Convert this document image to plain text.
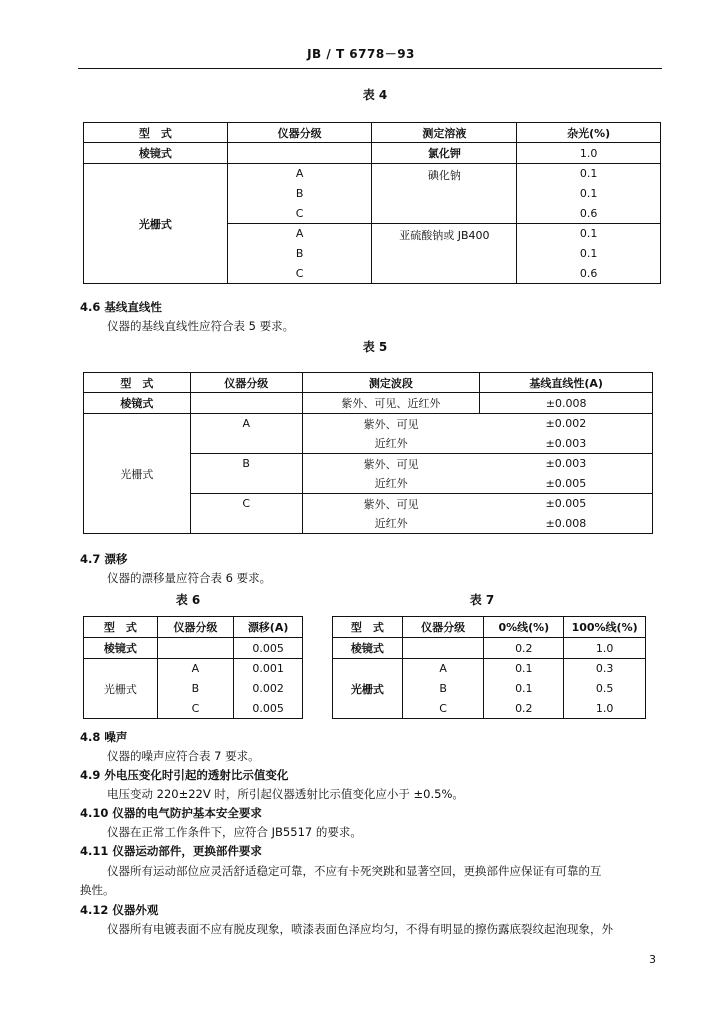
JB / T 6778－93
表 4
型　式	仪器分级	测定溶液	杂光(%)
棱镜式		氯化钾	1.0
光栅式	A	碘化钠	0.1
	B		0.1
	C		0.6
	A	亚硫酸钠或 JB400	0.1
	B		0.1
	C		0.6
4.6 基线直线性
仪器的基线直线性应符合表 5 要求。
表 5
型　式	仪器分级	测定波段	基线直线性(A)
棱镜式		紫外、可见、近红外	±0.008
光栅式	A	紫外、可见	±0.002
		近红外	±0.003
	B	紫外、可见	±0.003
		近红外	±0.005
	C	紫外、可见	±0.005
		近红外	±0.008
4.7 漂移
仪器的漂移量应符合表 6 要求。
表 6
型　式	仪器分级	漂移(A)
棱镜式		0.005
光栅式	A	0.001
	B	0.002
	C	0.005
表 7
型　式	仪器分级	0%线(%)	100%线(%)
棱镜式		0.2	1.0
光栅式	A	0.1	0.3
	B	0.1	0.5
	C	0.2	1.0
4.8 噪声
仪器的噪声应符合表 7 要求。
4.9 外电压变化时引起的透射比示值变化
电压变动 220±22V 时，所引起仪器透射比示值变化应小于 ±0.5%。
4.10 仪器的电气防护基本安全要求
仪器在正常工作条件下，应符合 JB5517 的要求。
4.11 仪器运动部件，更换部件要求
仪器所有运动部位应灵活舒适稳定可靠，不应有卡死突跳和显著空回，更换部件应保证有可靠的互
换性。
4.12 仪器外观
仪器所有电镀表面不应有脱皮现象，喷漆表面色泽应均匀，不得有明显的擦伤露底裂纹起泡现象，外
3
